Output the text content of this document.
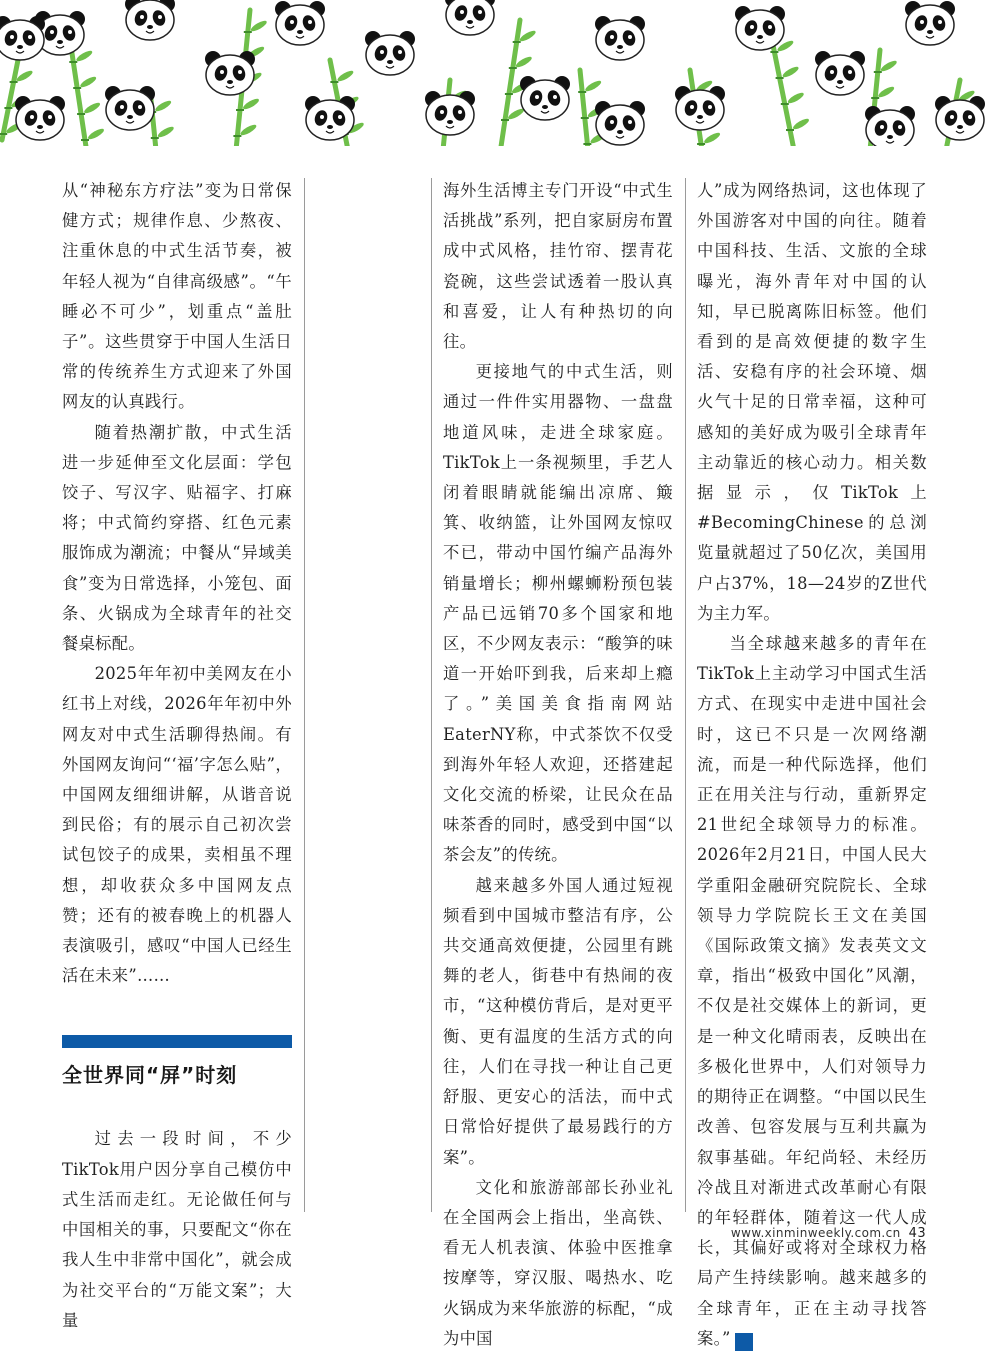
从“神秘东方疗法”变为日常保健方式；规律作息、少熬夜、注重休息的中式生活节奏，被年轻人视为“自律高级感”。“午睡必不可少”，划重点“盖肚子”。这些贯穿于中国人生活日常的传统养生方式迎来了外国网友的认真践行。

随着热潮扩散，中式生活进一步延伸至文化层面：学包饺子、写汉字、贴福字、打麻将；中式简约穿搭、红色元素服饰成为潮流；中餐从“异域美食”变为日常选择，小笼包、面条、火锅成为全球青年的社交餐桌标配。

2025年年初中美网友在小红书上对线，2026年年初中外网友对中式生活聊得热闹。有外国网友询问“‘福’字怎么贴”，中国网友细细讲解，从谐音说到民俗；有的展示自己初次尝试包饺子的成果，卖相虽不理想，却收获众多中国网友点赞；还有的被春晚上的机器人表演吸引，感叹“中国人已经生活在未来”……

全世界同“屏”时刻

过去一段时间，不少TikTok用户因分享自己模仿中式生活而走红。无论做任何与中国相关的事，只要配文“你在我人生中非常中国化”，就会成为社交平台的“万能文案”；大量

海外生活博主专门开设“中式生活挑战”系列，把自家厨房布置成中式风格，挂竹帘、摆青花瓷碗，这些尝试透着一股认真和喜爱，让人有种热切的向往。

更接地气的中式生活，则通过一件件实用器物、一盘盘地道风味，走进全球家庭。TikTok上一条视频里，手艺人闭着眼睛就能编出凉席、簸箕、收纳篮，让外国网友惊叹不已，带动中国竹编产品海外销量增长；柳州螺蛳粉预包装产品已远销70多个国家和地区，不少网友表示：“酸笋的味道一开始吓到我，后来却上瘾了。”美国美食指南网站EaterNY称，中式茶饮不仅受到海外年轻人欢迎，还搭建起文化交流的桥梁，让民众在品味茶香的同时，感受到中国“以茶会友”的传统。

越来越多外国人通过短视频看到中国城市整洁有序，公共交通高效便捷，公园里有跳舞的老人，街巷中有热闹的夜市，“这种模仿背后，是对更平衡、更有温度的生活方式的向往，人们在寻找一种让自己更舒服、更安心的活法，而中式日常恰好提供了最易践行的方案”。

文化和旅游部部长孙业礼在全国两会上指出，坐高铁、看无人机表演、体验中医推拿按摩等，穿汉服、喝热水、吃火锅成为来华旅游的标配，“成为中国

人”成为网络热词，这也体现了外国游客对中国的向往。随着中国科技、生活、文旅的全球曝光，海外青年对中国的认知，早已脱离陈旧标签。他们看到的是高效便捷的数字生活、安稳有序的社会环境、烟火气十足的日常幸福，这种可感知的美好成为吸引全球青年主动靠近的核心动力。相关数据显示，仅TikTok上#BecomingChinese的总浏览量就超过了50亿次，美国用户占37%，18—24岁的Z世代为主力军。

当全球越来越多的青年在TikTok上主动学习中国式生活方式、在现实中走进中国社会时，这已不只是一次网络潮流，而是一种代际选择，他们正在用关注与行动，重新界定21世纪全球领导力的标准。2026年2月21日，中国人民大学重阳金融研究院院长、全球领导力学院院长王文在美国《国际政策文摘》发表英文文章，指出“极致中国化”风潮，不仅是社交媒体上的新词，更是一种文化晴雨表，反映出在多极化世界中，人们对领导力的期待正在调整。“中国以民生改善、包容发展与互利共赢为叙事基础。年纪尚轻、未经历冷战且对渐进式改革耐心有限的年轻群体，随着这一代人成长，其偏好或将对全球权力格局产生持续影响。越来越多的全球青年，正在主动寻找答案。”	民

www.xinminweekly.com.cn 43
